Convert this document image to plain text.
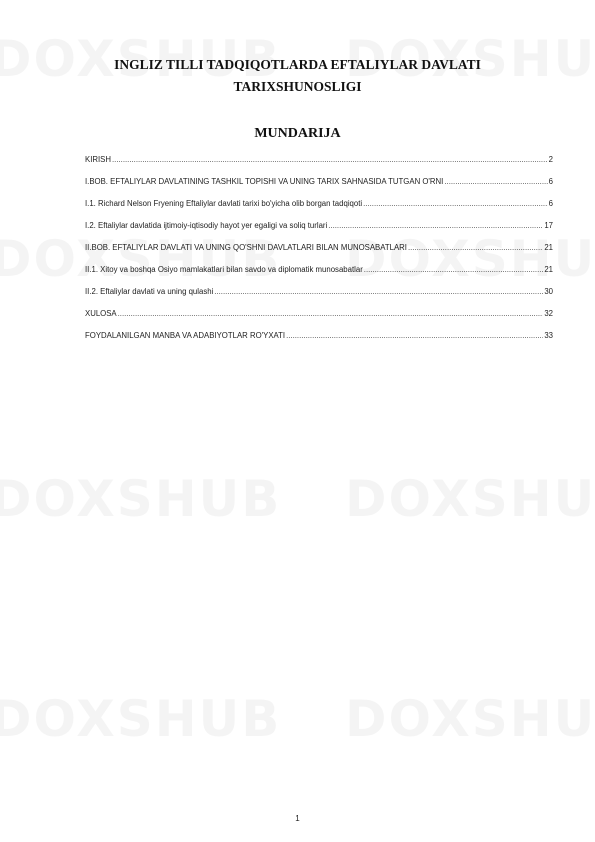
INGLIZ TILLI TADQIQOTLARDA EFTALIYLAR DAVLATI
TARIXSHUNOSLIGI
MUNDARIJA
KIRISH .....	2
I.BOB. EFTALIYLAR DAVLATINING TASHKIL TOPISHI VA UNING TARIX SAHNASIDA TUTGAN O'RNI .....	6
I.1. Richard Nelson Fryening Eftaliylar davlati tarixi bo'yicha olib borgan tadqiqoti .....	6
I.2. Eftaliylar davlatida ijtimoiy-iqtisodiy hayot yer egaligi va soliq turlari .....	17
II.BOB. EFTALIYLAR DAVLATI VA UNING QO'SHNI DAVLATLARI BILAN MUNOSABATLARI .....	21
II.1. Xitoy va boshqa Osiyo mamlakatlari bilan savdo va diplomatik munosabatlar .....	21
II.2. Eftaliylar davlati va uning qulashi .....	30
XULOSA .....	32
FOYDALANILGAN MANBA VA ADABIYOTLAR RO'YXATI .....	33
1
